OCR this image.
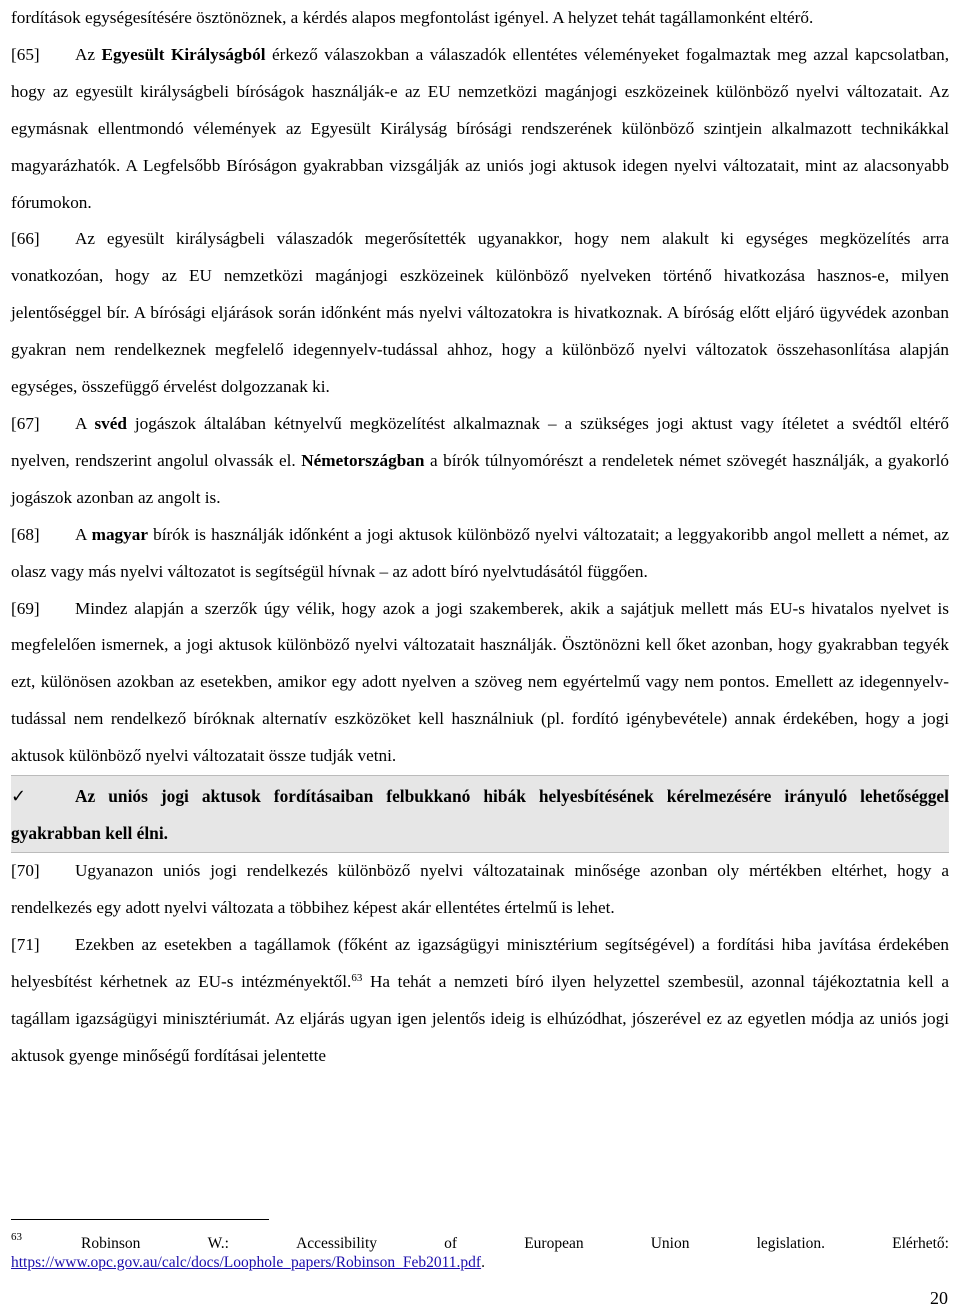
fordítások egységesítésére ösztönöznek, a kérdés alapos megfontolást igényel. A helyzet tehát tagállamonként eltérő.

[65] Az Egyesült Királyságból érkező válaszokban a válaszadók ellentétes véleményeket fogalmaztak meg azzal kapcsolatban, hogy az egyesült királyságbeli bíróságok használják-e az EU nemzetközi magánjogi eszközeinek különböző nyelvi változatait. Az egymásnak ellentmondó vélemények az Egyesült Királyság bírósági rendszerének különböző szintjein alkalmazott technikákkal magyarázhatók. A Legfelsőbb Bíróságon gyakrabban vizsgálják az uniós jogi aktusok idegen nyelvi változatait, mint az alacsonyabb fórumokon.

[66] Az egyesült királyságbeli válaszadók megerősítették ugyanakkor, hogy nem alakult ki egységes megközelítés arra vonatkozóan, hogy az EU nemzetközi magánjogi eszközeinek különböző nyelveken történő hivatkozása hasznos-e, milyen jelentőséggel bír. A bírósági eljárások során időnként más nyelvi változatokra is hivatkoznak. A bíróság előtt eljáró ügyvédek azonban gyakran nem rendelkeznek megfelelő idegennyelv-tudással ahhoz, hogy a különböző nyelvi változatok összehasonlítása alapján egységes, összefüggő érvelést dolgozzanak ki.

[67] A svéd jogászok általában kétnyelvű megközelítést alkalmaznak – a szükséges jogi aktust vagy ítéletet a svédtől eltérő nyelven, rendszerint angolul olvassák el. Németországban a bírók túlnyomórészt a rendeletek német szövegét használják, a gyakorló jogászok azonban az angolt is.

[68] A magyar bírók is használják időnként a jogi aktusok különböző nyelvi változatait; a leggyakoribb angol mellett a német, az olasz vagy más nyelvi változatot is segítségül hívnak – az adott bíró nyelvtudásától függően.

[69] Mindez alapján a szerzők úgy vélik, hogy azok a jogi szakemberek, akik a sajátjuk mellett más EU-s hivatalos nyelvet is megfelelően ismernek, a jogi aktusok különböző nyelvi változatait használják. Ösztönözni kell őket azonban, hogy gyakrabban tegyék ezt, különösen azokban az esetekben, amikor egy adott nyelven a szöveg nem egyértelmű vagy nem pontos. Emellett az idegennyelv-tudással nem rendelkező bíróknak alternatív eszközöket kell használniuk (pl. fordító igénybevétele) annak érdekében, hogy a jogi aktusok különböző nyelvi változatait össze tudják vetni.

✓	Az uniós jogi aktusok fordításaiban felbukkanó hibák helyesbítésének kérelmezésére irányuló lehetőséggel gyakrabban kell élni.

[70] Ugyanazon uniós jogi rendelkezés különböző nyelvi változatainak minősége azonban oly mértékben eltérhet, hogy a rendelkezés egy adott nyelvi változata a többihez képest akár ellentétes értelmű is lehet.

[71] Ezekben az esetekben a tagállamok (főként az igazságügyi minisztérium segítségével) a fordítási hiba javítása érdekében helyesbítést kérhetnek az EU-s intézményektől.$^{63}$ Ha tehát a nemzeti bíró ilyen helyzettel szembesül, azonnal tájékoztatnia kell a tagállam igazságügyi minisztériumát. Az eljárás ugyan igen jelentős ideig is elhúzódhat, jószerével ez az egyetlen módja az uniós jogi aktusok gyenge minőségű fordításai jelentette

63	Robinson	W.:	Accessibility	of	European	Union	legislation.	Elérhető:
https://www.opc.gov.au/calc/docs/Loophole_papers/Robinson_Feb2011.pdf.
20
